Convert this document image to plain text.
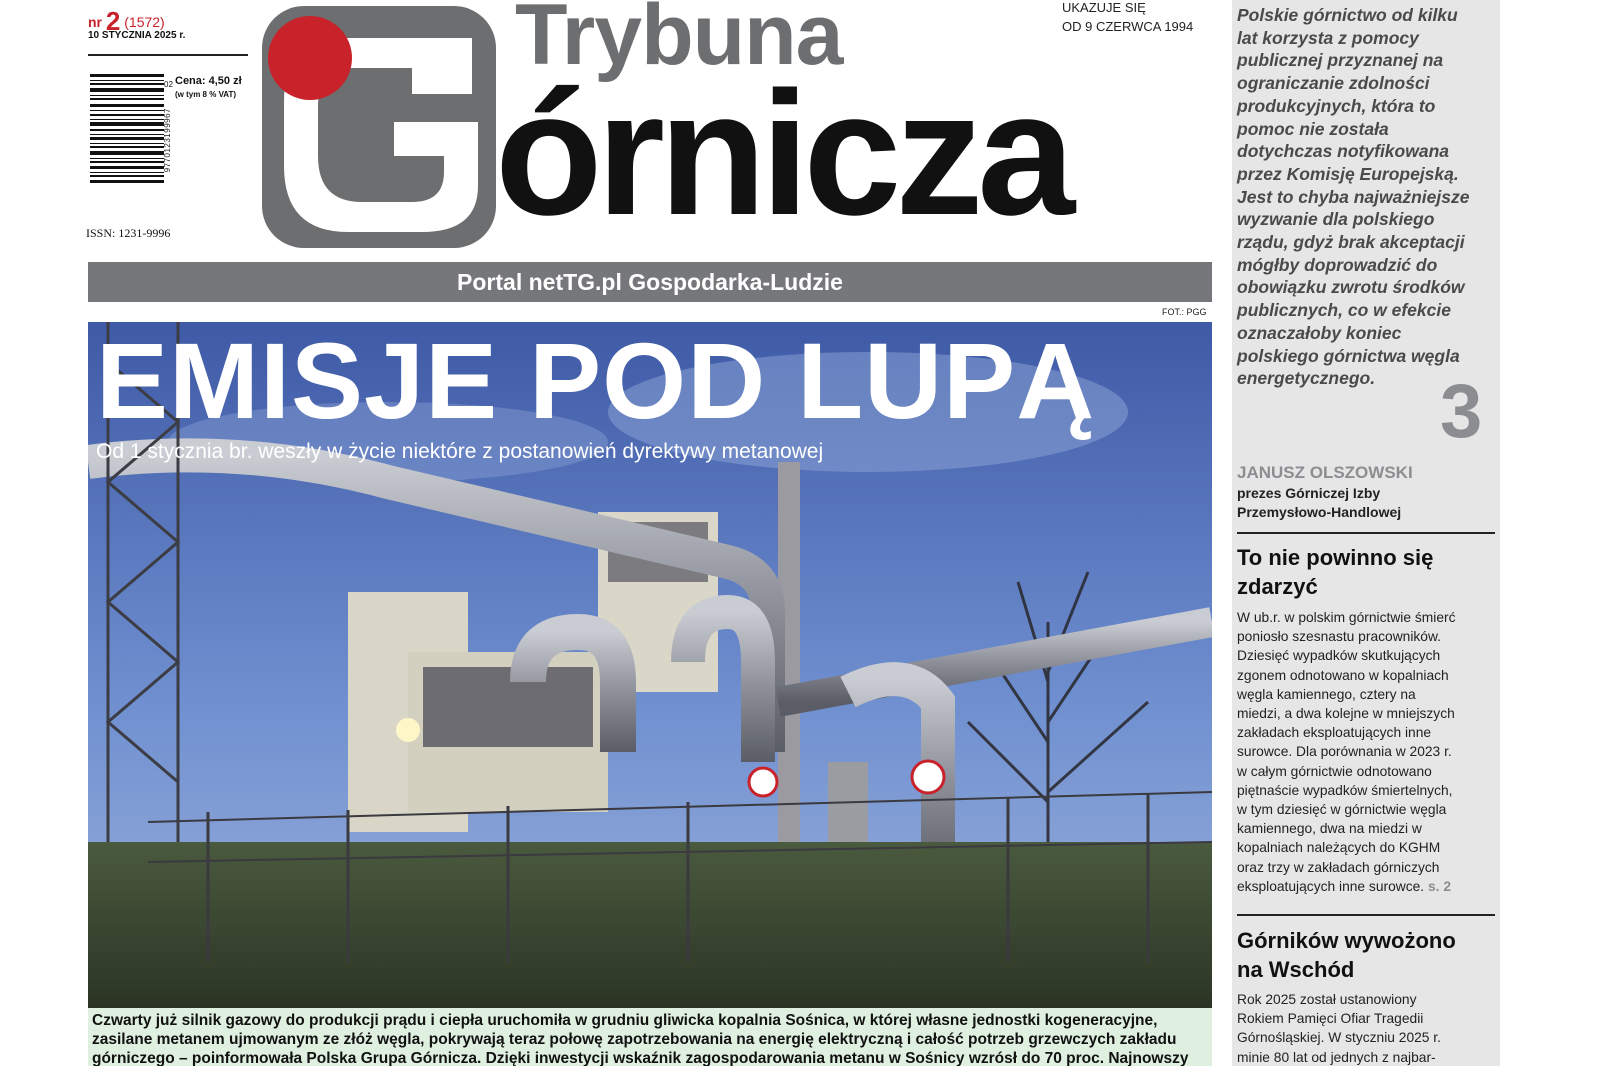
nr 2 (1572)
10 STYCZNIA 2025 r.
9770123199967
02 Cena: 4,50 zł
(w tym 8 % VAT)
ISSN: 1231-9996
Trybuna
órnicza
UKAZUJE SIĘ
OD 9 CZERWCA 1994
Portal netTG.pl Gospodarka-Ludzie
FOT.: PGG
EMISJE POD LUPĄ
Od 1 stycznia br. weszły w życie niektóre z postanowień dyrektywy metanowej
Czwarty już silnik gazowy do produkcji prądu i ciepła uruchomiła w grudniu gliwicka kopalnia Sośnica, w której własne jednostki kogeneracyjne, zasilane metanem ujmowanym ze złóż węgla, pokrywają teraz połowę zapotrzebowania na energię elektryczną i całość potrzeb grzewczych zakładu górniczego – poinformowała Polska Grupa Górnicza. Dzięki inwestycji wskaźnik zagospodarowania metanu w Sośnicy wzrósł do 70 proc. Najnowszy
Polskie górnictwo od kilku
lat korzysta z pomocy
publicznej przyznanej na
ograniczanie zdolności
produkcyjnych, która to
pomoc nie została
dotychczas notyfikowana
przez Komisję Europejską.
Jest to chyba najważniejsze
wyzwanie dla polskiego
rządu, gdyż brak akceptacji
mógłby doprowadzić do
obowiązku zwrotu środków
publicznych, co w efekcie
oznaczałoby koniec
polskiego górnictwa węgla
energetycznego. 3
JANUSZ OLSZOWSKI
prezes Górniczej Izby
Przemysłowo-Handlowej
To nie powinno się
zdarzyć
W ub.r. w polskim górnictwie śmierć
poniosło szesnastu pracowników.
Dziesięć wypadków skutkujących
zgonem odnotowano w kopalniach
węgla kamiennego, cztery na
miedzi, a dwa kolejne w mniejszych
zakładach eksploatujących inne
surowce. Dla porównania w 2023 r.
w całym górnictwie odnotowano
piętnaście wypadków śmiertelnych,
w tym dziesięć w górnictwie węgla
kamiennego, dwa na miedzi w
kopalniach należących do KGHM
oraz trzy w zakładach górniczych
eksploatujących inne surowce. s. 2
Górników wywożono
na Wschód
Rok 2025 został ustanowiony
Rokiem Pamięci Ofiar Tragedii
Górnośląskiej. W styczniu 2025 r.
minie 80 lat od jednych z najbar-
